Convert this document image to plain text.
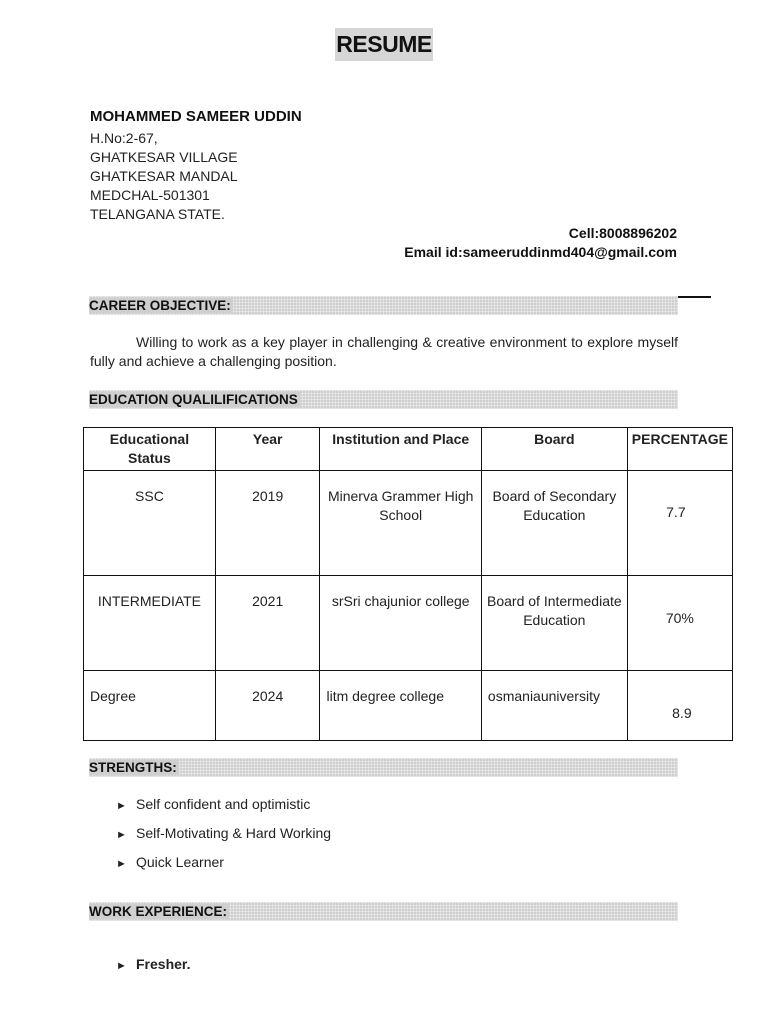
RESUME
MOHAMMED SAMEER UDDIN
H.No:2-67,
GHATKESAR VILLAGE
GHATKESAR MANDAL
MEDCHAL-501301
TELANGANA STATE.
Cell:8008896202
Email id:sameeruddinmd404@gmail.com
CAREER OBJECTIVE:
Willing to work as a key player in challenging & creative environment to explore myself fully and achieve a challenging position.
EDUCATION QUALILIFICATIONS
Educational Status	Year	Institution and Place	Board	PERCENTAGE
SSC	2019	Minerva Grammer High School	Board of Secondary Education	7.7
INTERMEDIATE	2021	srSri chajunior college	Board of Intermediate Education	70%
Degree	2024	litm degree college	osmaniauniversity	8.9
STRENGTHS:
► Self confident and optimistic
► Self-Motivating & Hard Working
► Quick Learner
WORK EXPERIENCE:
► Fresher.
